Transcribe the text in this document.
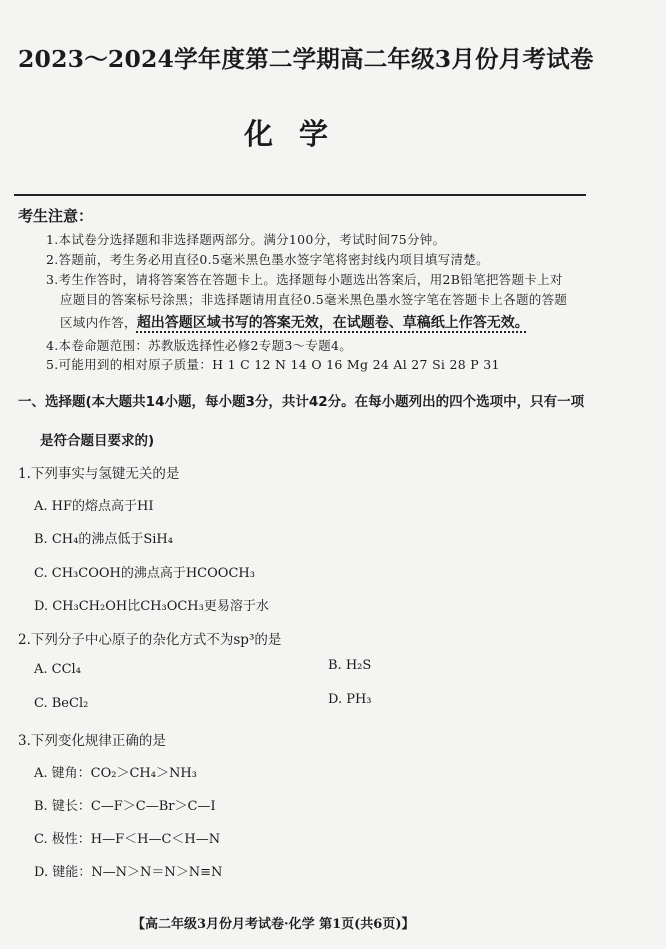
2023～2024学年度第二学期高二年级3月份月考试卷
化学
考生注意：
1.本试卷分选择题和非选择题两部分。满分100分，考试时间75分钟。
2.答题前，考生务必用直径0.5毫米黑色墨水签字笔将密封线内项目填写清楚。
3.考生作答时，请将答案答在答题卡上。选择题每小题选出答案后，用2B铅笔把答题卡上对
应题目的答案标号涂黑；非选择题请用直径0.5毫米黑色墨水签字笔在答题卡上各题的答题
区域内作答，超出答题区域书写的答案无效，在试题卷、草稿纸上作答无效。
4.本卷命题范围：苏教版选择性必修2专题3～专题4。
5.可能用到的相对原子质量：H 1 C 12 N 14 O 16 Mg 24 Al 27 Si 28 P 31
一、选择题(本大题共14小题，每小题3分，共计42分。在每小题列出的四个选项中，只有一项
是符合题目要求的)
1.下列事实与氢键无关的是
A. HF的熔点高于HI
B. CH₄的沸点低于SiH₄
C. CH₃COOH的沸点高于HCOOCH₃
D. CH₃CH₂OH比CH₃OCH₃更易溶于水
2.下列分子中心原子的杂化方式不为sp³的是
A. CCl₄	B. H₂S
C. BeCl₂	D. PH₃
3.下列变化规律正确的是
A. 键角：CO₂＞CH₄＞NH₃
B. 键长：C—F＞C—Br＞C—I
C. 极性：H—F＜H—C＜H—N
D. 键能：N—N＞N＝N＞N≡N
【高二年级3月份月考试卷·化学 第1页(共6页)】
